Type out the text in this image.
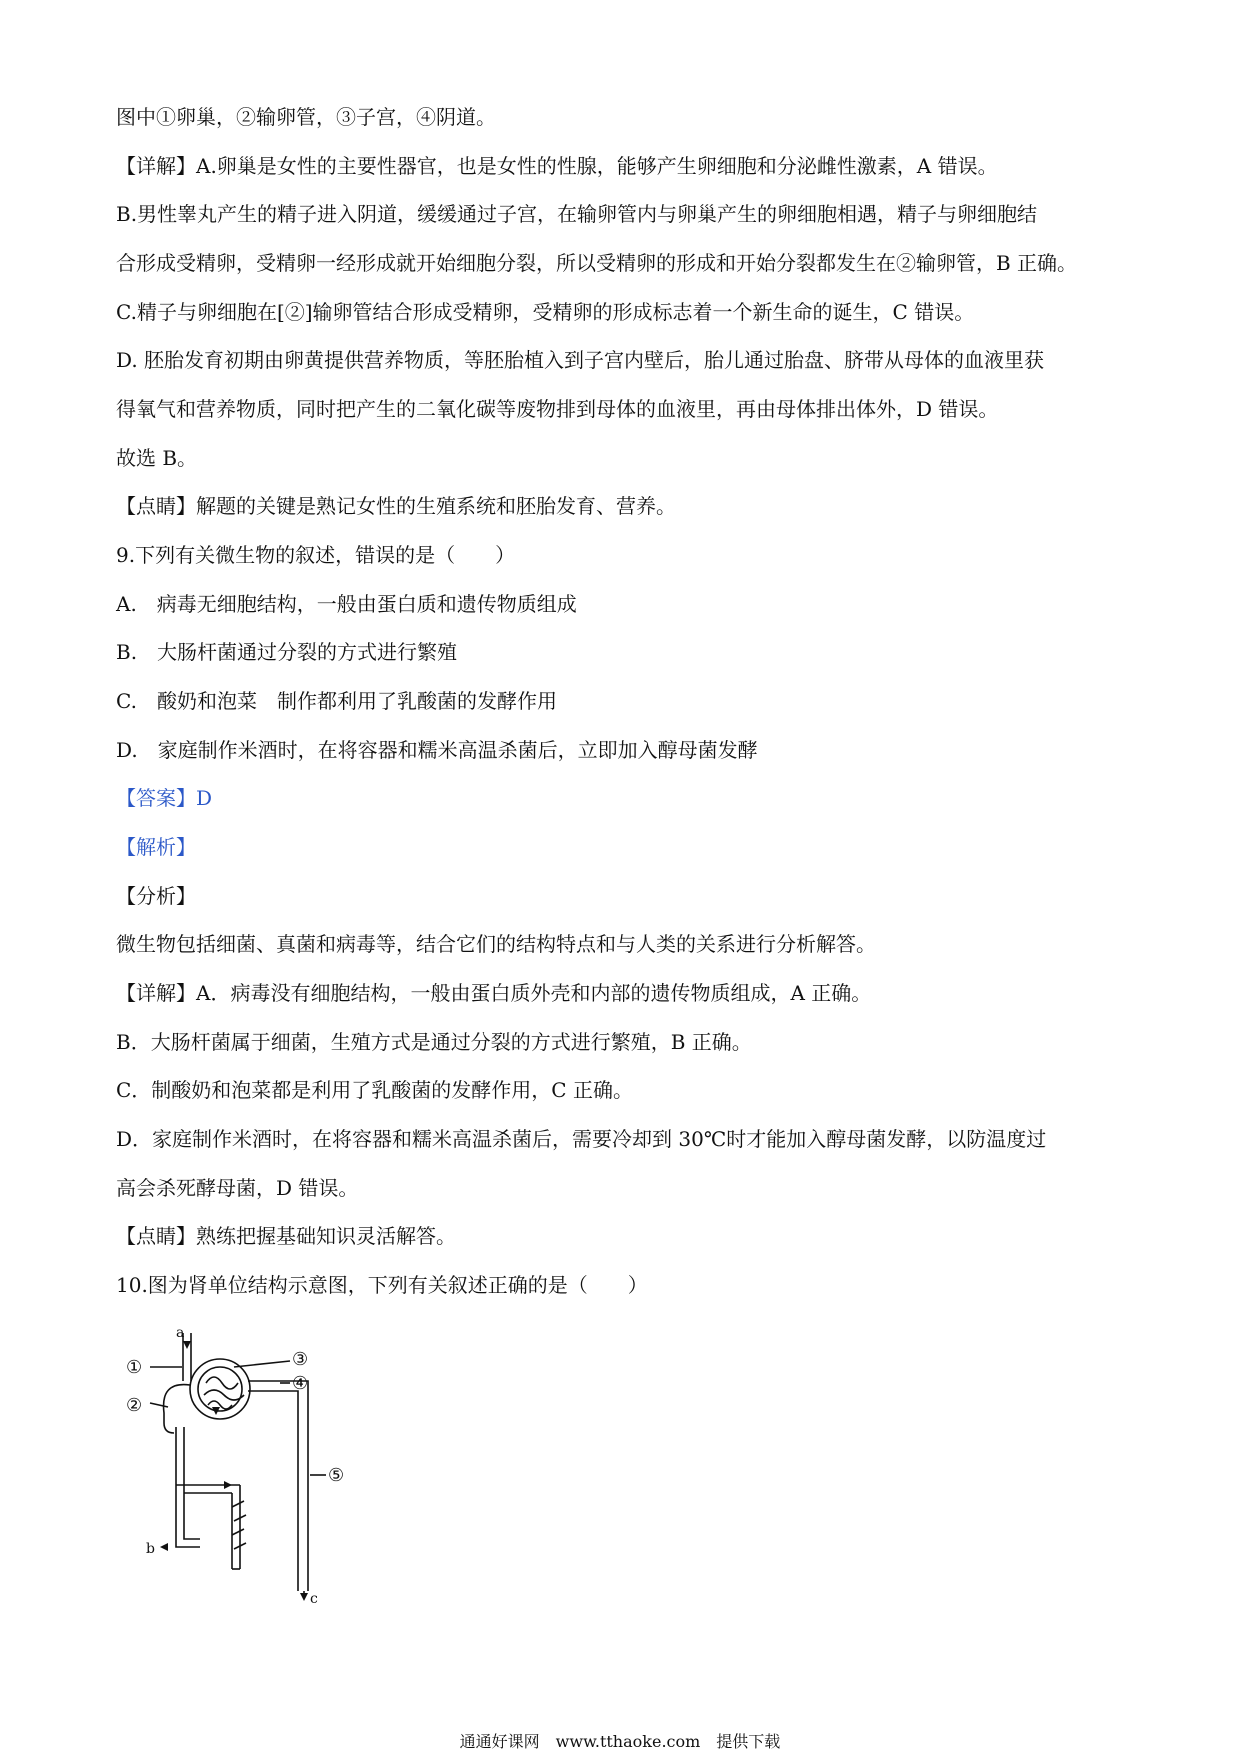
图中①卵巢，②输卵管，③子宫，④阴道。
【详解】A.卵巢是女性的主要性器官，也是女性的性腺，能够产生卵细胞和分泌雌性激素，A 错误。
B.男性睾丸产生的精子进入阴道，缓缓通过子宫，在输卵管内与卵巢产生的卵细胞相遇，精子与卵细胞结
合形成受精卵，受精卵一经形成就开始细胞分裂，所以受精卵的形成和开始分裂都发生在②输卵管，B 正确。
C.精子与卵细胞在[②]输卵管结合形成受精卵，受精卵的形成标志着一个新生命的诞生，C 错误。
D. 胚胎发育初期由卵黄提供营养物质，等胚胎植入到子宫内壁后，胎儿通过胎盘、脐带从母体的血液里获
得氧气和营养物质，同时把产生的二氧化碳等废物排到母体的血液里，再由母体排出体外，D 错误。
故选 B。
【点睛】解题的关键是熟记女性的生殖系统和胚胎发育、营养。
9.下列有关微生物的叙述，错误的是（　　）
A.　病毒无细胞结构，一般由蛋白质和遗传物质组成
B.　大肠杆菌通过分裂的方式进行繁殖
C.　酸奶和泡菜　制作都利用了乳酸菌的发酵作用
D.　家庭制作米酒时，在将容器和糯米高温杀菌后，立即加入醇母菌发酵
【答案】D
【解析】
【分析】
微生物包括细菌、真菌和病毒等，结合它们的结构特点和与人类的关系进行分析解答。
【详解】A．病毒没有细胞结构，一般由蛋白质外壳和内部的遗传物质组成，A 正确。
B．大肠杆菌属于细菌，生殖方式是通过分裂的方式进行繁殖，B 正确。
C．制酸奶和泡菜都是利用了乳酸菌的发酵作用，C 正确。
D．家庭制作米酒时，在将容器和糯米高温杀菌后，需要冷却到 30℃时才能加入醇母菌发酵，以防温度过
高会杀死酵母菌，D 错误。
【点睛】熟练把握基础知识灵活解答。
10.图为肾单位结构示意图，下列有关叙述正确的是（　　）
a
b
c
①
②
③
④
⑤
通通好课网　www.tthaoke.com　提供下载
